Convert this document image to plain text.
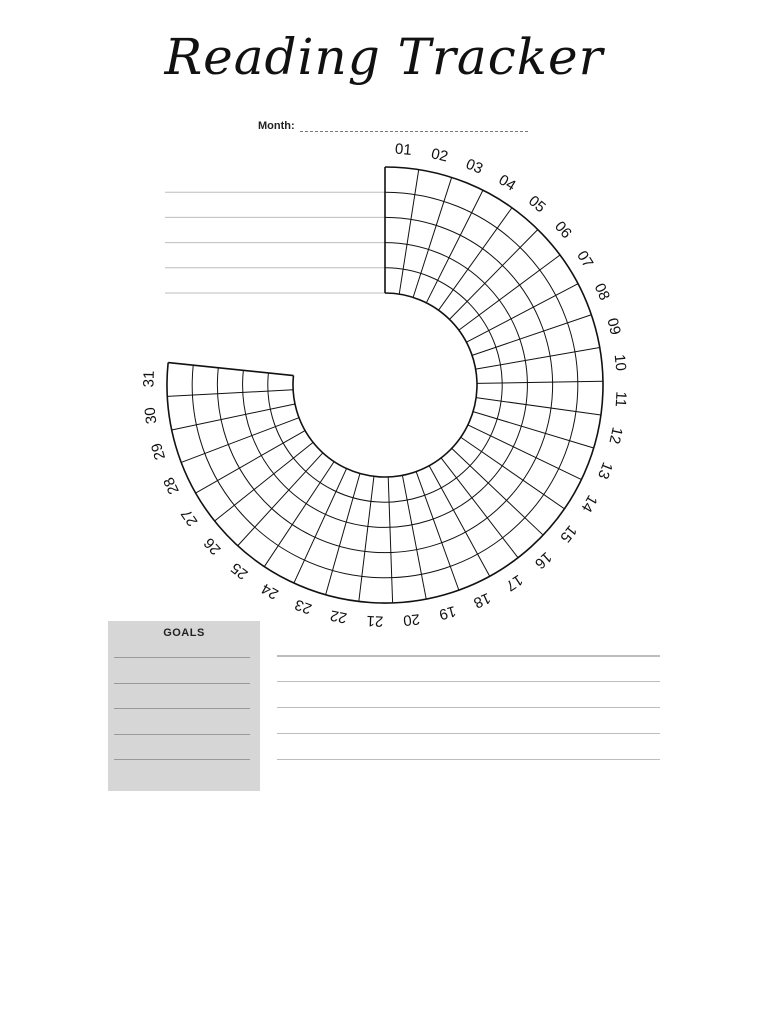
Reading Tracker
Month:
01 02
03
04
05
06
07
08
09
10
11
12
13
14
15
16
17
18
19
20
21
22
23
24
25
26
27
28
29
30
31
GOALS
